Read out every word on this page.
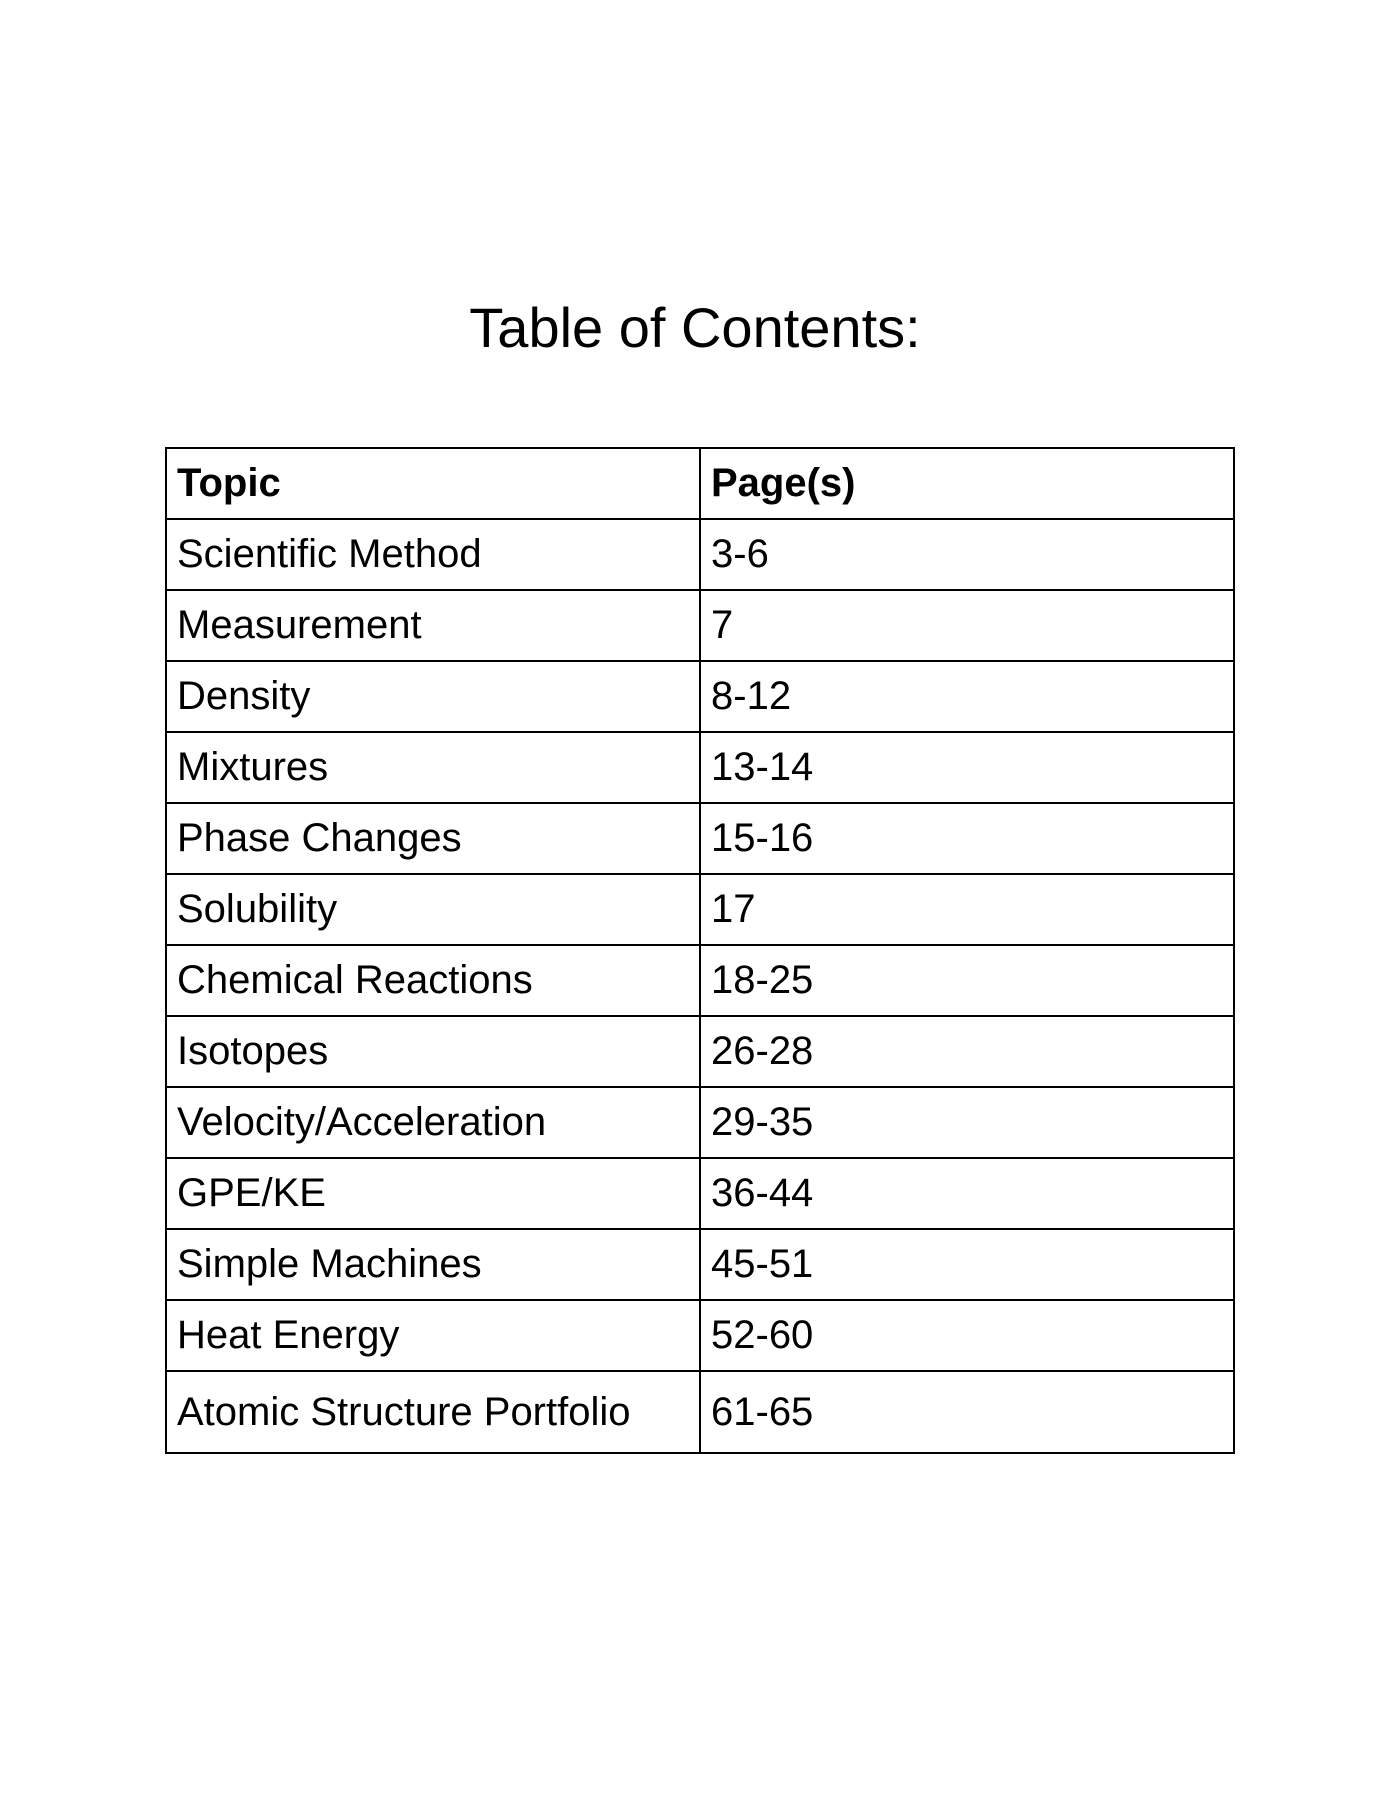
Table of Contents:
Topic	Page(s)
Scientific Method	3-6
Measurement	7
Density	8-12
Mixtures	13-14
Phase Changes	15-16
Solubility	17
Chemical Reactions	18-25
Isotopes	26-28
Velocity/Acceleration	29-35
GPE/KE	36-44
Simple Machines	45-51
Heat Energy	52-60
Atomic Structure Portfolio	61-65
